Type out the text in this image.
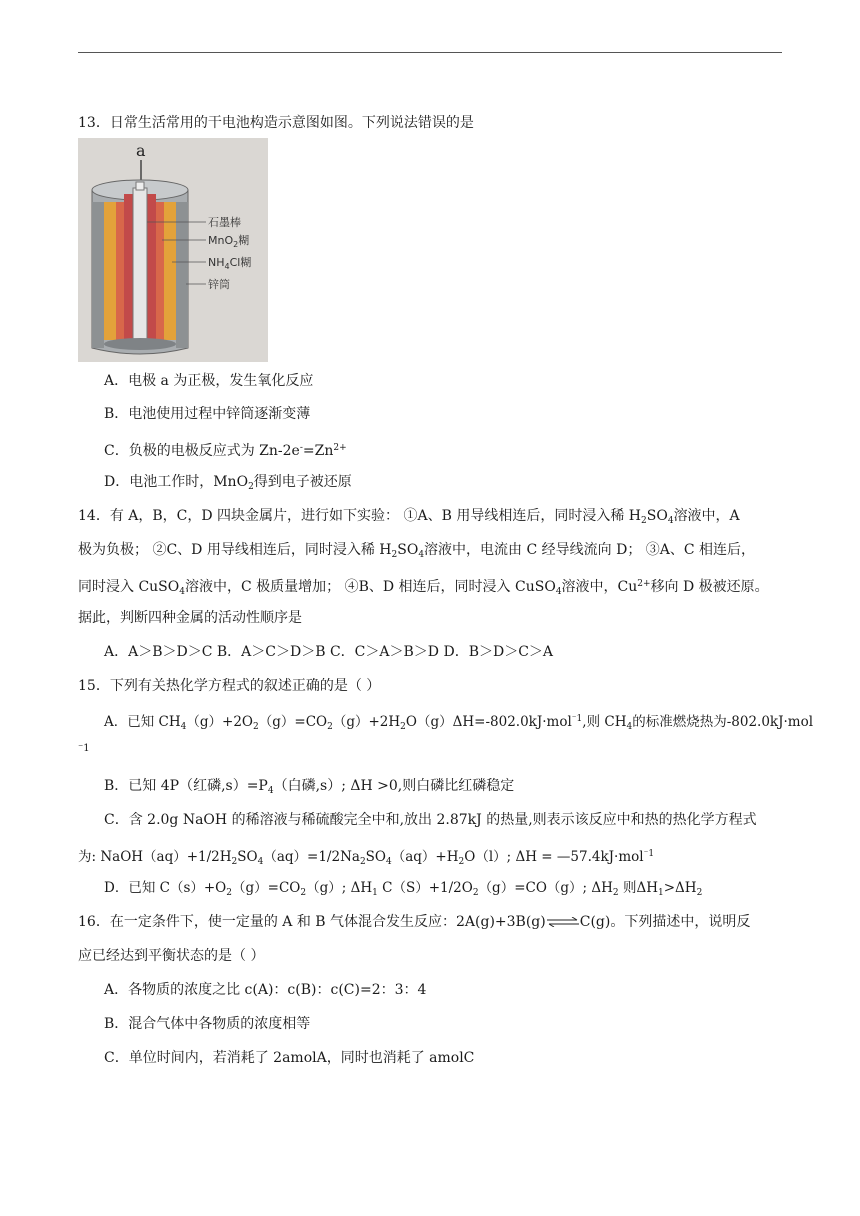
13．日常生活常用的干电池构造示意图如图。下列说法错误的是
a
石墨棒
MnO$_2$糊
$NH_4Cl$糊
锌筒
A．电极 a 为正极，发生氧化反应
B．电池使用过程中锌筒逐渐变薄
C．负极的电极反应式为 $Zn-2e^-=Zn^{2+}$
D．电池工作时，MnO$_2$得到电子被还原
14．有 A，B，C，D 四块金属片，进行如下实验： ①A、B 用导线相连后，同时浸入稀 $H_2SO_4$溶液中，A
极为负极； ②C、D 用导线相连后，同时浸入稀 $H_2SO_4$溶液中，电流由 C 经导线流向 D； ③A、C 相连后，
同时浸入 CuSO$_4$溶液中，C 极质量增加； ④B、D 相连后，同时浸入 CuSO$_4$溶液中，$Cu^{2+}$移向 D 极被还原。
据此，判断四种金属的活动性顺序是
A．A＞B＞D＞C B．A＞C＞D＞B C．C＞A＞B＞D D．B＞D＞C＞A
15．下列有关热化学方程式的叙述正确的是（ ）
A．已知 $CH_4(g)+2O_2(g)=CO_2(g)+2H_2O(g)\Delta H=-802.0kJ\cdot mol^{^-1}$,则 $CH_4$的标准燃烧热为-802.0kJ·mol
⁻1
B．已知 4P（红磷$,s)=P_4$（白磷,s）; ΔH >0,则白磷比红磷稳定
C．含 2.0g NaOH 的稀溶液与稀硫酸完全中和,放出 2.87kJ 的热量,则表示该反应中和热的热化学方程式
为: $NaOH(aq)+1/2H_2SO_4(aq)=1/2Na_2SO_4(aq)+H_2O(l)$; ΔH = —57.4kJ·mol$^{^-1}$
D．已知 $C(s)+O_2(g)=CO_2(g)$; $\Delta H_1$ $C(S)+1/2O_2(g)=CO(g)$; $\Delta H_2$ 则$\Delta H_1>\Delta H_2$
16．在一定条件下，使一定量的 A 和 B 气体混合发生反应：2A(g)+3B(g)⇌C(g)。下列描述中，说明反
应已经达到平衡状态的是（ ）
A．各物质的浓度之比 c(A)：c(B)：c(C)=2：3：4
B．混合气体中各物质的浓度相等
C．单位时间内，若消耗了 2amolA，同时也消耗了 amolC
